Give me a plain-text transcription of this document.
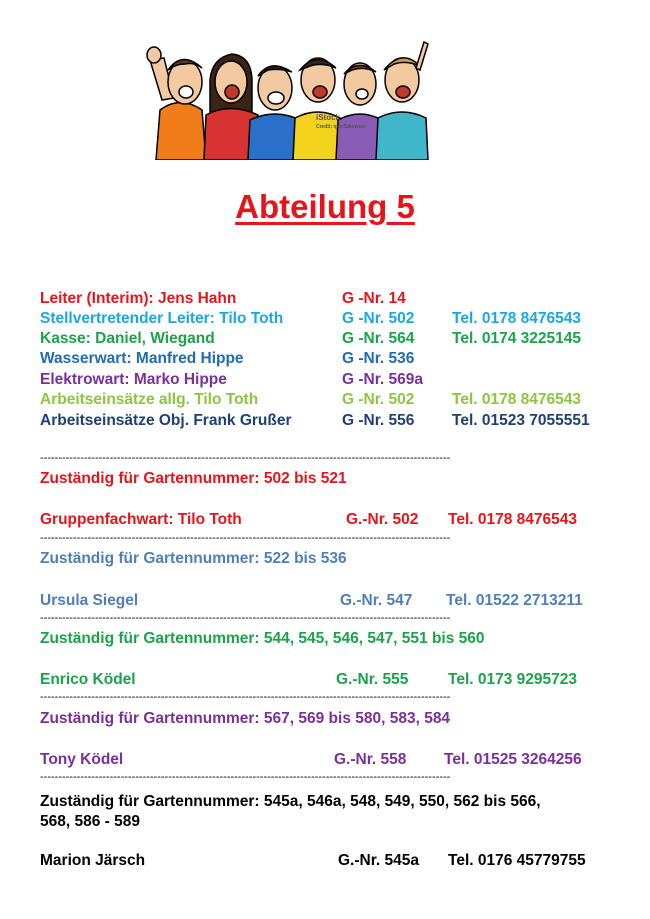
iStock
Credit: igorZakowski
Abteilung 5
Leiter (Interim): Jens Hahn	G -Nr. 14
Stellvertretender Leiter: Tilo Toth	G -Nr. 502 Tel. 0178 8476543
Kasse: Daniel, Wiegand	G -Nr. 564 Tel. 0174 3225145
Wasserwart: Manfred Hippe	G -Nr. 536
Elektrowart: Marko Hippe	G -Nr. 569a
Arbeitseinsätze allg. Tilo Toth	G -Nr. 502 Tel. 0178 8476543
Arbeitseinsätze Obj. Frank Grußer	G -Nr. 556 Tel. 01523 7055551
----------------------------------------------------------------------------------------------------------------
Zuständig für Gartennummer: 502 bis 521
Gruppenfachwart: Tilo Toth	G.-Nr. 502 Tel. 0178 8476543
----------------------------------------------------------------------------------------------------------------
Zuständig für Gartennummer: 522 bis 536
Ursula Siegel	G.-Nr. 547 Tel. 01522 2713211
----------------------------------------------------------------------------------------------------------------
Zuständig für Gartennummer: 544, 545, 546, 547, 551 bis 560
Enrico Ködel	G.-Nr. 555	Tel. 0173 9295723
----------------------------------------------------------------------------------------------------------------
Zuständig für Gartennummer: 567, 569 bis 580, 583, 584
Tony Ködel	G.-Nr. 558 Tel. 01525 3264256
----------------------------------------------------------------------------------------------------------------
Zuständig für Gartennummer: 545a, 546a, 548, 549, 550, 562 bis 566,
568, 586 - 589
Marion Järsch	G.-Nr. 545a Tel. 0176 45779755
